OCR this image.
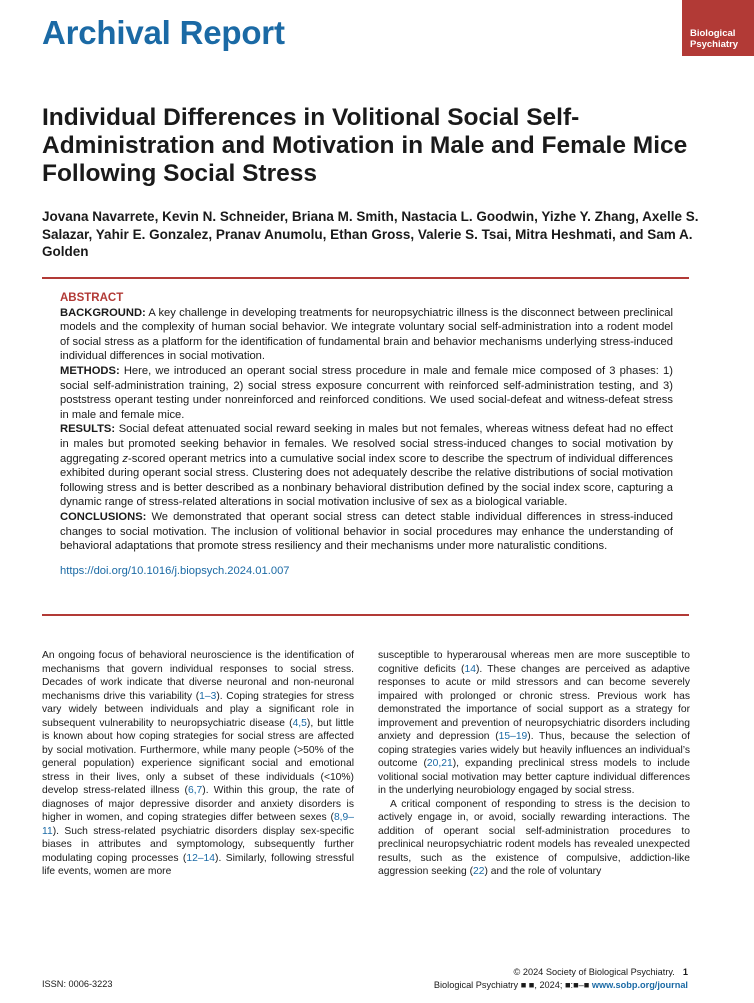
Archival Report	Biological
Psychiatry
Individual Differences in Volitional Social Self-Administration and Motivation in Male and Female Mice Following Social Stress
Jovana Navarrete, Kevin N. Schneider, Briana M. Smith, Nastacia L. Goodwin, Yizhe Y. Zhang, Axelle S. Salazar, Yahir E. Gonzalez, Pranav Anumolu, Ethan Gross, Valerie S. Tsai, Mitra Heshmati, and Sam A. Golden

ABSTRACT

BACKGROUND: A key challenge in developing treatments for neuropsychiatric illness is the disconnect between preclinical models and the complexity of human social behavior. We integrate voluntary social self-administration into a rodent model of social stress as a platform for the identification of fundamental brain and behavior mechanisms underlying stress-induced individual differences in social motivation.

METHODS: Here, we introduced an operant social stress procedure in male and female mice composed of 3 phases: 1) social self-administration training, 2) social stress exposure concurrent with reinforced self-administration testing, and 3) poststress operant testing under nonreinforced and reinforced conditions. We used social-defeat and witness-defeat stress in male and female mice.

RESULTS: Social defeat attenuated social reward seeking in males but not females, whereas witness defeat had no effect in males but promoted seeking behavior in females. We resolved social stress-induced changes to social motivation by aggregating z-scored operant metrics into a cumulative social index score to describe the spectrum of individual differences exhibited during operant social stress. Clustering does not adequately describe the relative distributions of social motivation following stress and is better described as a nonbinary behavioral distribution defined by the social index score, capturing a dynamic range of stress-related alterations in social motivation inclusive of sex as a biological variable.

CONCLUSIONS: We demonstrated that operant social stress can detect stable individual differences in stress-induced changes to social motivation. The inclusion of volitional behavior in social procedures may enhance the understanding of behavioral adaptations that promote stress resiliency and their mechanisms under more naturalistic conditions.

https://doi.org/10.1016/j.biopsych.2024.01.007

An ongoing focus of behavioral neuroscience is the identification of mechanisms that govern individual responses to social stress. Decades of work indicate that diverse neuronal and non-neuronal mechanisms drive this variability (1–3). Coping strategies for stress vary widely between individuals and play a significant role in subsequent vulnerability to neuropsychiatric disease (4,5), but little is known about how coping strategies for social stress are affected by social motivation. Furthermore, while many people (>50% of the general population) experience significant social and emotional stress in their lives, only a subset of these individuals (<10%) develop stress-related illness (6,7). Within this group, the rate of diagnoses of major depressive disorder and anxiety disorders is higher in women, and coping strategies differ between sexes (8,9–11). Such stress-related psychiatric disorders display sex-specific biases in attributes and symptomology, subsequently further modulating coping processes (12–14). Similarly, following stressful life events, women are more

susceptible to hyperarousal whereas men are more susceptible to cognitive deficits (14). These changes are perceived as adaptive responses to acute or mild stressors and can become severely impaired with prolonged or chronic stress. Previous work has demonstrated the importance of social support as a strategy for improvement and prevention of neuropsychiatric disorders including anxiety and depression (15–19). Thus, because the selection of coping strategies varies widely but heavily influences an individual’s outcome (20,21), expanding preclinical stress models to include volitional social motivation may better capture individual differences in the underlying neurobiology engaged by social stress.

A critical component of responding to stress is the decision to actively engage in, or avoid, socially rewarding interactions. The addition of operant social self-administration procedures to preclinical neuropsychiatric rodent models has revealed unexpected results, such as the existence of compulsive, addiction-like aggression seeking (22) and the role of voluntary

© 2024 Society of Biological Psychiatry. 1
Biological Psychiatry ■ ■, 2024; ■:■–■ www.sobp.org/journal
ISSN: 0006-3223
